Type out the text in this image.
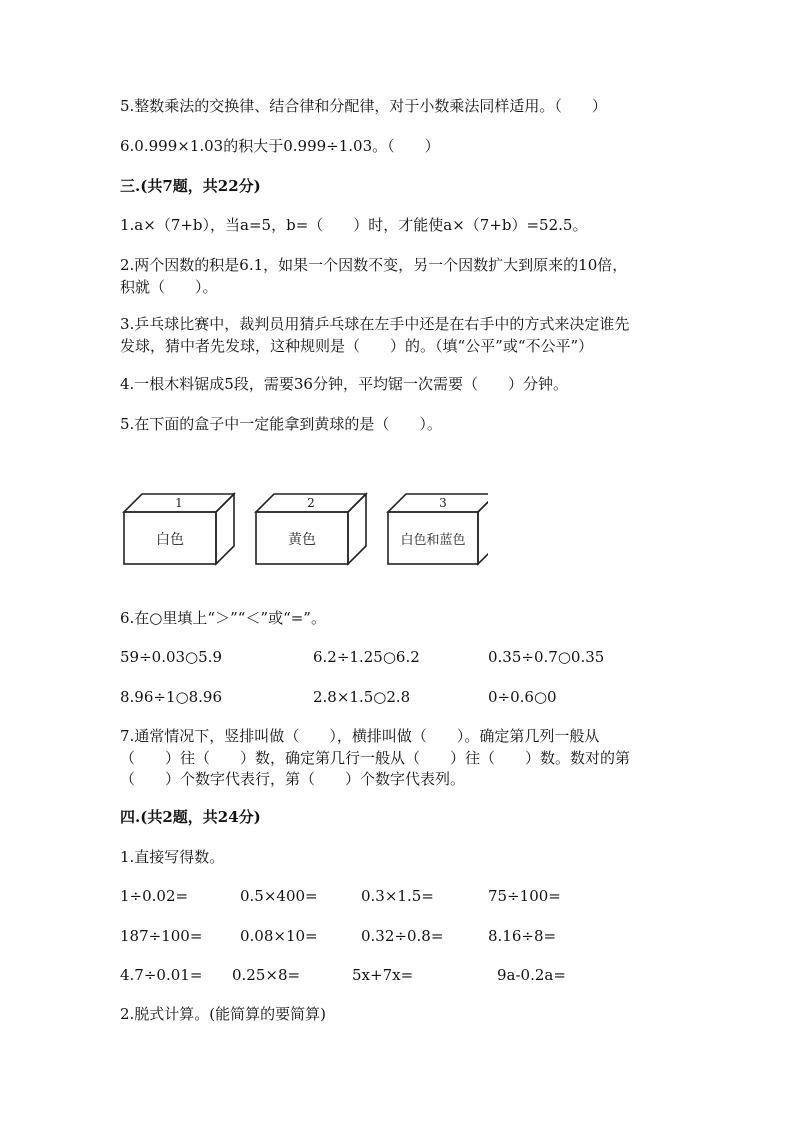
5.整数乘法的交换律、结合律和分配律，对于小数乘法同样适用。（　　）
6.0.999×1.03的积大于0.999÷1.03。（　　）
三.(共7题，共22分)
1.a×（7+b），当a=5，b=（　　）时，才能使a×（7+b）=52.5。
2.两个因数的积是6.1，如果一个因数不变，另一个因数扩大到原来的10倍，
积就（　　）。
3.乒乓球比赛中，裁判员用猜乒乓球在左手中还是在右手中的方式来决定谁先
发球，猜中者先发球，这种规则是（　　）的。（填“公平”或“不公平”）
4.一根木料锯成5段，需要36分钟，平均锯一次需要（　　）分钟。
5.在下面的盒子中一定能拿到黄球的是（　　）。
1
白色
2
黄色
3
白色和蓝色
6.在○里填上“＞”“＜”或“=”。
59÷0.03○5.9	6.2÷1.25○6.2	0.35÷0.7○0.35
8.96÷1○8.96	2.8×1.5○2.8	0÷0.6○0
7.通常情况下，竖排叫做（　　），横排叫做（　　）。确定第几列一般从
（　　）往（　　）数，确定第几行一般从（　　）往（　　）数。数对的第
（　　）个数字代表行，第（　　）个数字代表列。
四.(共2题，共24分)
1.直接写得数。
1÷0.02=	0.5×400=	0.3×1.5=	75÷100=
187÷100=	0.08×10=	0.32÷0.8=	8.16÷8=
4.7÷0.01= 0.25×8=	5x+7x=	9a-0.2a=
2.脱式计算。(能简算的要简算)
